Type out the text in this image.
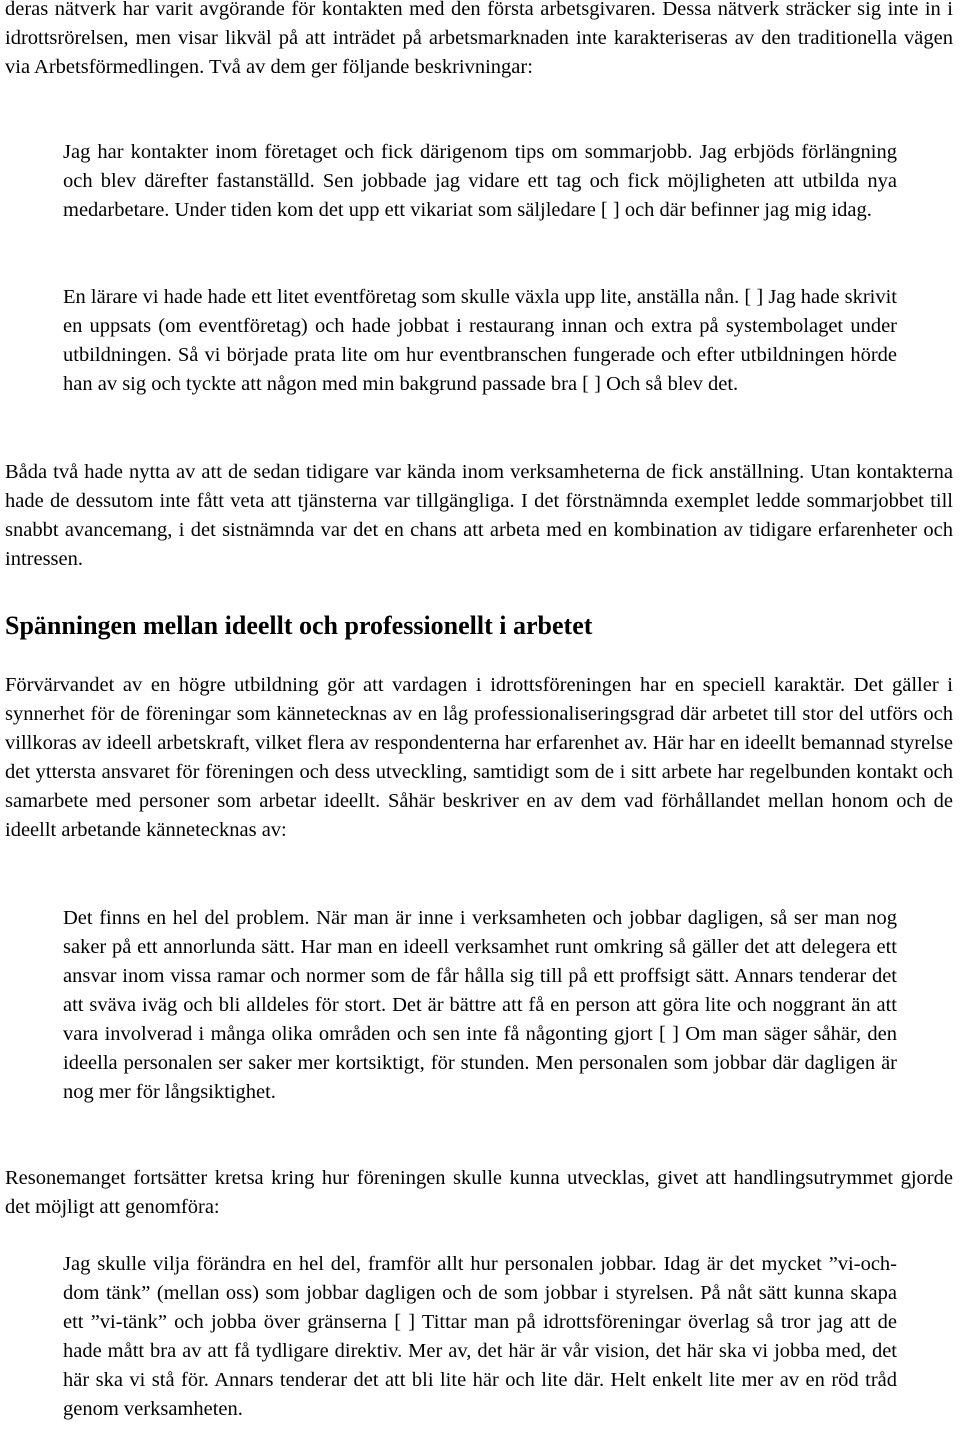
deras nätverk har varit avgörande för kontakten med den första arbetsgivaren. Dessa nätverk sträcker sig inte in i idrottsrörelsen, men visar likväl på att inträdet på arbetsmarknaden inte karakteriseras av den traditionella vägen via Arbetsförmedlingen. Två av dem ger följande beskrivningar:

Jag har kontakter inom företaget och fick därigenom tips om sommarjobb. Jag erbjöds förlängning och blev därefter fastanställd. Sen jobbade jag vidare ett tag och fick möjligheten att utbilda nya medarbetare. Under tiden kom det upp ett vikariat som säljledare [ ] och där befinner jag mig idag.

En lärare vi hade hade ett litet eventföretag som skulle växla upp lite, anställa nån. [ ] Jag hade skrivit en uppsats (om eventföretag) och hade jobbat i restaurang innan och extra på systembolaget under utbildningen. Så vi började prata lite om hur eventbranschen fungerade och efter utbildningen hörde han av sig och tyckte att någon med min bakgrund passade bra [ ] Och så blev det.

Båda två hade nytta av att de sedan tidigare var kända inom verksamheterna de fick anställning. Utan kontakterna hade de dessutom inte fått veta att tjänsterna var tillgängliga. I det förstnämnda exemplet ledde sommarjobbet till snabbt avancemang, i det sistnämnda var det en chans att arbeta med en kombination av tidigare erfarenheter och intressen.

Spänningen mellan ideellt och professionellt i arbetet

Förvärvandet av en högre utbildning gör att vardagen i idrottsföreningen har en speciell karaktär. Det gäller i synnerhet för de föreningar som kännetecknas av en låg professionaliseringsgrad där arbetet till stor del utförs och villkoras av ideell arbetskraft, vilket flera av respondenterna har erfarenhet av. Här har en ideellt bemannad styrelse det yttersta ansvaret för föreningen och dess utveckling, samtidigt som de i sitt arbete har regelbunden kontakt och samarbete med personer som arbetar ideellt. Såhär beskriver en av dem vad förhållandet mellan honom och de ideellt arbetande kännetecknas av:

Det finns en hel del problem. När man är inne i verksamheten och jobbar dagligen, så ser man nog saker på ett annorlunda sätt. Har man en ideell verksamhet runt omkring så gäller det att delegera ett ansvar inom vissa ramar och normer som de får hålla sig till på ett proffsigt sätt. Annars tenderar det att sväva iväg och bli alldeles för stort. Det är bättre att få en person att göra lite och noggrant än att vara involverad i många olika områden och sen inte få någonting gjort [ ] Om man säger såhär, den ideella personalen ser saker mer kortsiktigt, för stunden. Men personalen som jobbar där dagligen är nog mer för långsiktighet.

Resonemanget fortsätter kretsa kring hur föreningen skulle kunna utvecklas, givet att handlingsutrymmet gjorde det möjligt att genomföra:

Jag skulle vilja förändra en hel del, framför allt hur personalen jobbar. Idag är det mycket ”vi-och-dom tänk” (mellan oss) som jobbar dagligen och de som jobbar i styrelsen. På nåt sätt kunna skapa ett ”vi-tänk” och jobba över gränserna [ ] Tittar man på idrottsföreningar överlag så tror jag att de hade mått bra av att få tydligare direktiv. Mer av, det här är vår vision, det här ska vi jobba med, det här ska vi stå för. Annars tenderar det att bli lite här och lite där. Helt enkelt lite mer av en röd tråd genom verksamheten.
